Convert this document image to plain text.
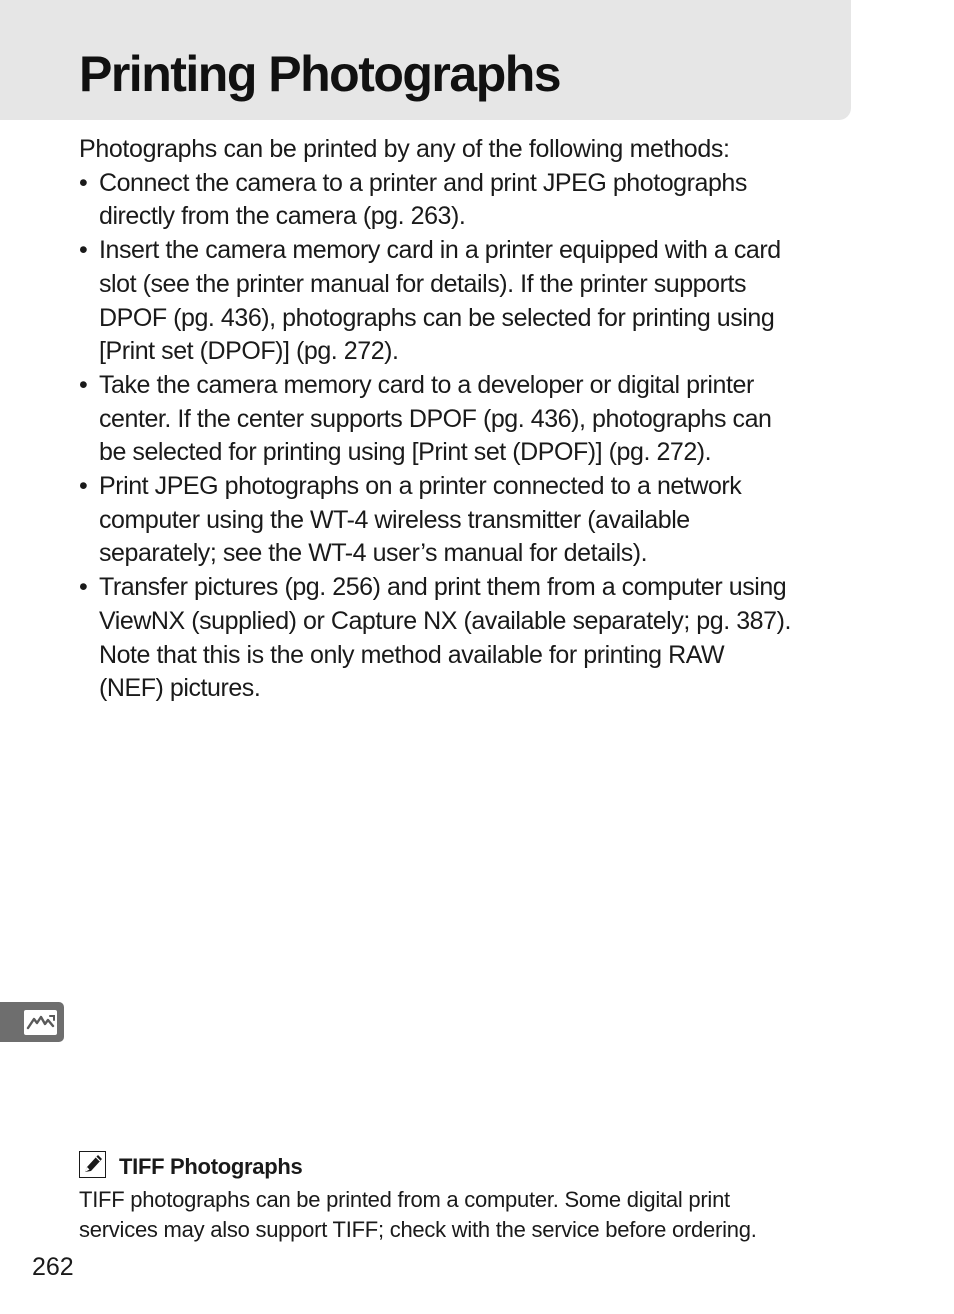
Printing Photographs

Photographs can be printed by any of the following methods:

• Connect the camera to a printer and print JPEG photographs
directly from the camera (pg. 263).
• Insert the camera memory card in a printer equipped with a card
slot (see the printer manual for details). If the printer supports
DPOF (pg. 436), photographs can be selected for printing using
[Print set (DPOF)] (pg. 272).
• Take the camera memory card to a developer or digital printer
center. If the center supports DPOF (pg. 436), photographs can
be selected for printing using [Print set (DPOF)] (pg. 272).
• Print JPEG photographs on a printer connected to a network
computer using the WT-4 wireless transmitter (available
separately; see the WT-4 user’s manual for details).
• Transfer pictures (pg. 256) and print them from a computer using
ViewNX (supplied) or Capture NX (available separately; pg. 387).
Note that this is the only method available for printing RAW
(NEF) pictures.
TIFF Photographs

TIFF photographs can be printed from a computer. Some digital print
services may also support TIFF; check with the service before ordering.

262
